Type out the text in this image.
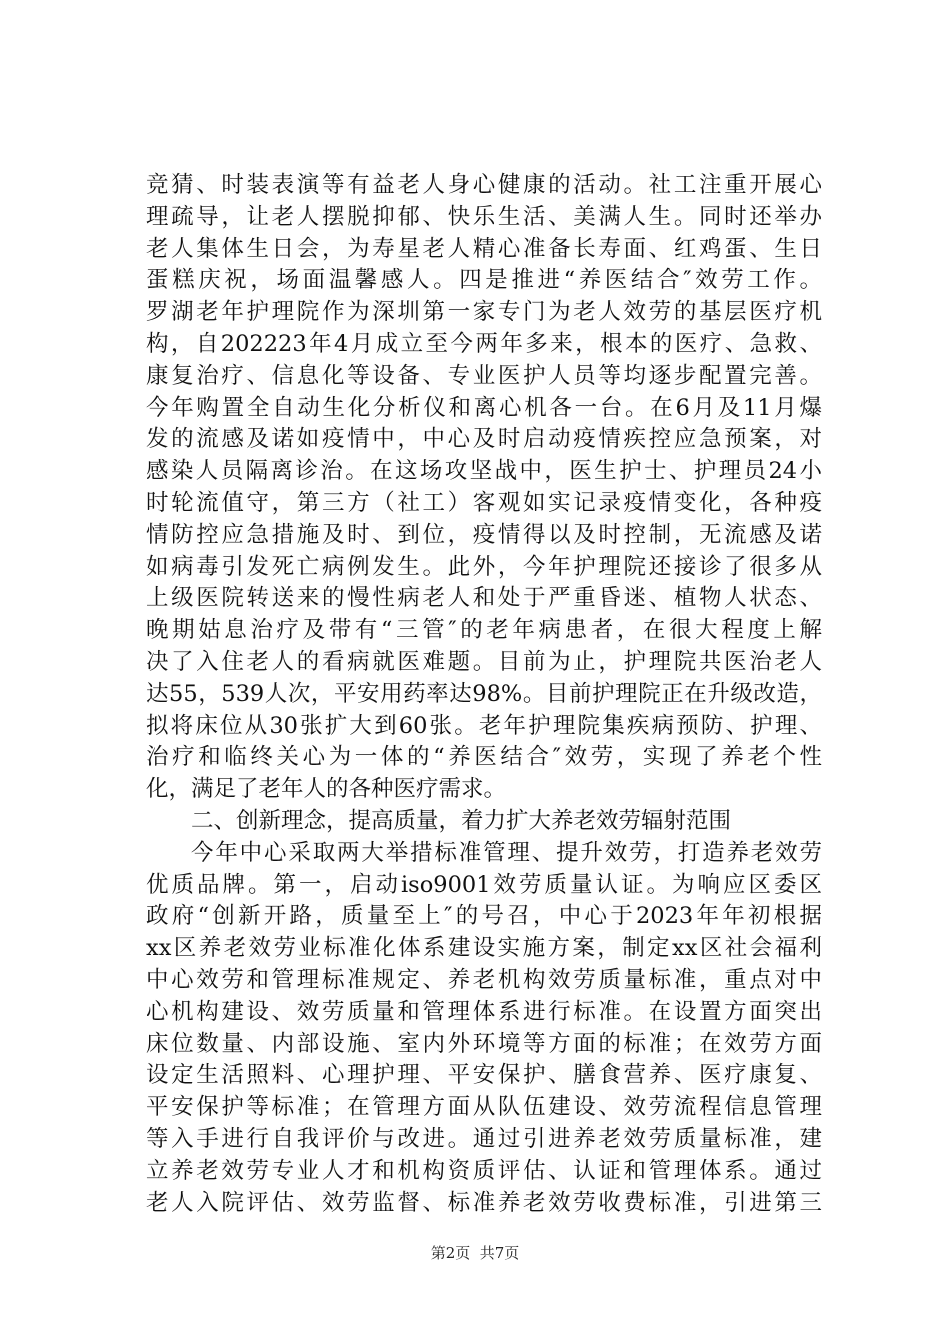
竞猜、时装表演等有益老人身心健康的活动。社工注重开展心
理疏导，让老人摆脱抑郁、快乐生活、美满人生。同时还举办
老人集体生日会，为寿星老人精心准备长寿面、红鸡蛋、生日
蛋糕庆祝，场面温馨感人。四是推进“养医结合″效劳工作。
罗湖老年护理院作为深圳第一家专门为老人效劳的基层医疗机
构，自202223年4月成立至今两年多来，根本的医疗、急救、
康复治疗、信息化等设备、专业医护人员等均逐步配置完善。
今年购置全自动生化分析仪和离心机各一台。在6月及11月爆
发的流感及诺如疫情中，中心及时启动疫情疾控应急预案，对
感染人员隔离诊治。在这场攻坚战中，医生护士、护理员24小
时轮流值守，第三方（社工）客观如实记录疫情变化，各种疫
情防控应急措施及时、到位，疫情得以及时控制，无流感及诺
如病毒引发死亡病例发生。此外，今年护理院还接诊了很多从
上级医院转送来的慢性病老人和处于严重昏迷、植物人状态、
晚期姑息治疗及带有“三管″的老年病患者，在很大程度上解
决了入住老人的看病就医难题。目前为止，护理院共医治老人
达55，539人次，平安用药率达98%。目前护理院正在升级改造，
拟将床位从30张扩大到60张。老年护理院集疾病预防、护理、
治疗和临终关心为一体的“养医结合″效劳，实现了养老个性
化，满足了老年人的各种医疗需求。
二、创新理念，提高质量，着力扩大养老效劳辐射范围
今年中心采取两大举措标准管理、提升效劳，打造养老效劳
优质品牌。第一，启动iso9001效劳质量认证。为响应区委区
政府“创新开路，质量至上″的号召，中心于2023年年初根据
xx区养老效劳业标准化体系建设实施方案，制定xx区社会福利
中心效劳和管理标准规定、养老机构效劳质量标准，重点对中
心机构建设、效劳质量和管理体系进行标准。在设置方面突出
床位数量、内部设施、室内外环境等方面的标准；在效劳方面
设定生活照料、心理护理、平安保护、膳食营养、医疗康复、
平安保护等标准；在管理方面从队伍建设、效劳流程信息管理
等入手进行自我评价与改进。通过引进养老效劳质量标准，建
立养老效劳专业人才和机构资质评估、认证和管理体系。通过
老人入院评估、效劳监督、标准养老效劳收费标准，引进第三
第2页  共7页
